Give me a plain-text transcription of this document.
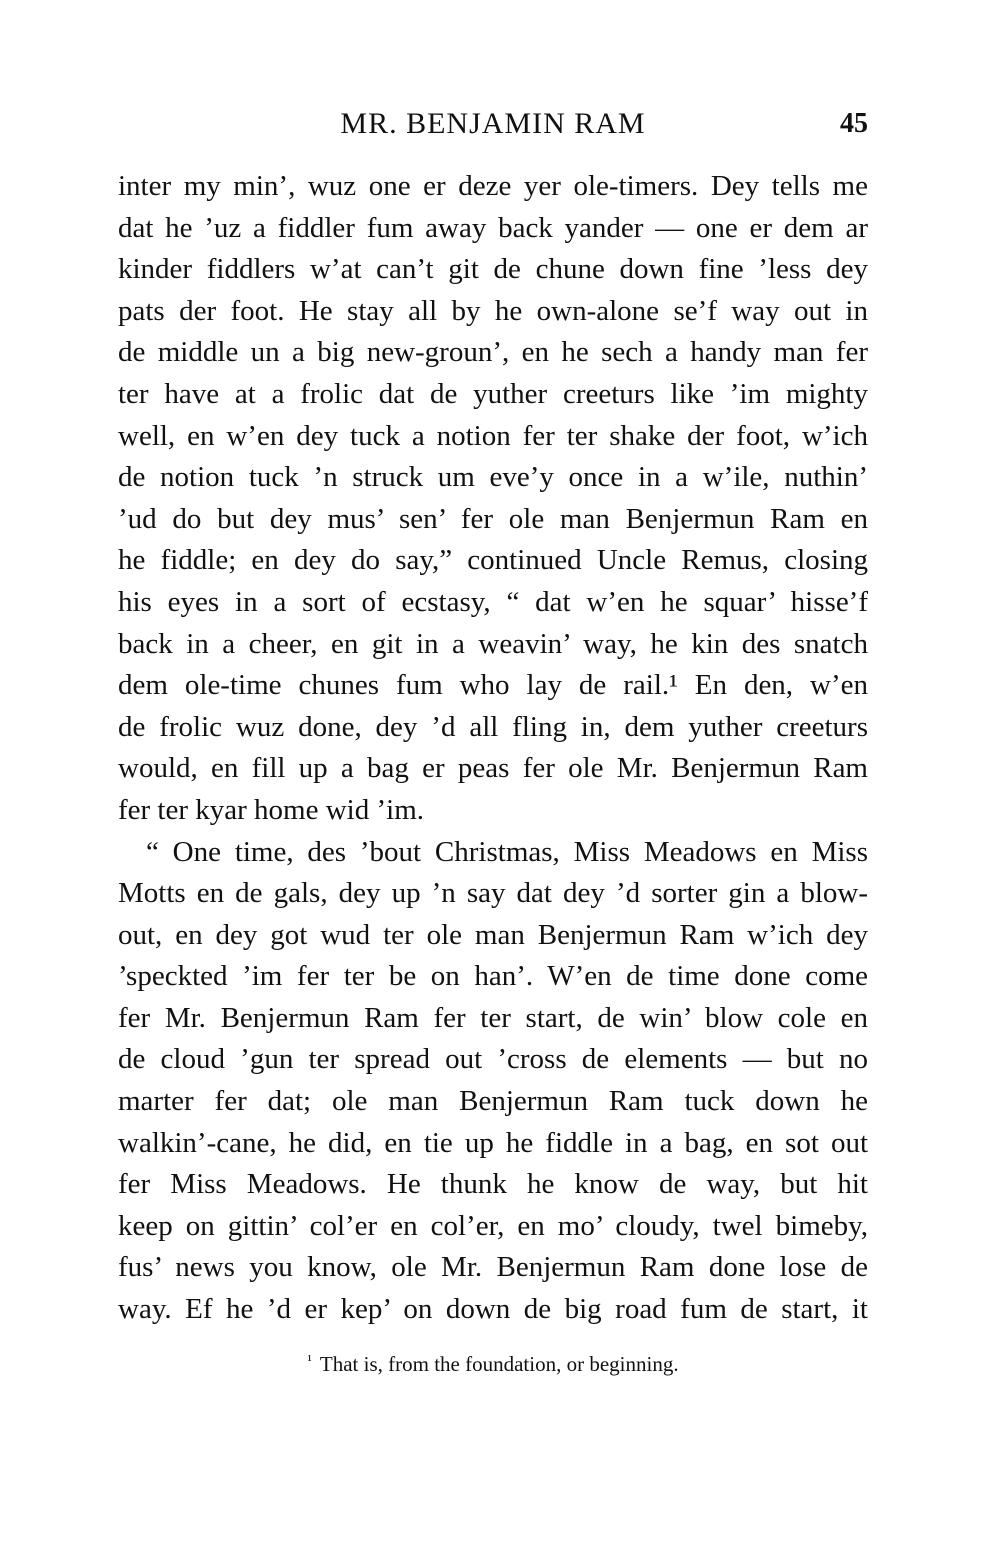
MR. BENJAMIN RAM	45
inter my min’, wuz one er deze yer ole-timers. Dey tells me
dat he ’uz a fiddler fum away back yander — one er dem ar
kinder fiddlers w’at can’t git de chune down fine ’less dey
pats der foot. He stay all by he own-alone se’f way out in
de middle un a big new-groun’, en he sech a handy man fer
ter have at a frolic dat de yuther creeturs like ’im mighty
well, en w’en dey tuck a notion fer ter shake der foot, w’ich
de notion tuck ’n struck um eve’y once in a w’ile, nuthin’
’ud do but dey mus’ sen’ fer ole man Benjermun Ram en
he fiddle; en dey do say,” continued Uncle Remus, closing
his eyes in a sort of ecstasy, “ dat w’en he squar’ hisse’f
back in a cheer, en git in a weavin’ way, he kin des snatch
dem ole-time chunes fum who lay de rail.¹ En den, w’en
de frolic wuz done, dey ’d all fling in, dem yuther creeturs
would, en fill up a bag er peas fer ole Mr. Benjermun Ram
fer ter kyar home wid ’im.
“ One time, des ’bout Christmas, Miss Meadows en Miss
Motts en de gals, dey up ’n say dat dey ’d sorter gin a blow-
out, en dey got wud ter ole man Benjermun Ram w’ich dey
’speckted ’im fer ter be on han’. W’en de time done come
fer Mr. Benjermun Ram fer ter start, de win’ blow cole en
de cloud ’gun ter spread out ’cross de elements — but no
marter fer dat; ole man Benjermun Ram tuck down he
walkin’-cane, he did, en tie up he fiddle in a bag, en sot out
fer Miss Meadows. He thunk he know de way, but hit
keep on gittin’ col’er en col’er, en mo’ cloudy, twel bimeby,
fus’ news you know, ole Mr. Benjermun Ram done lose de
way. Ef he ’d er kep’ on down de big road fum de start, it
$^{^1}$ That is, from the foundation, or beginning.
